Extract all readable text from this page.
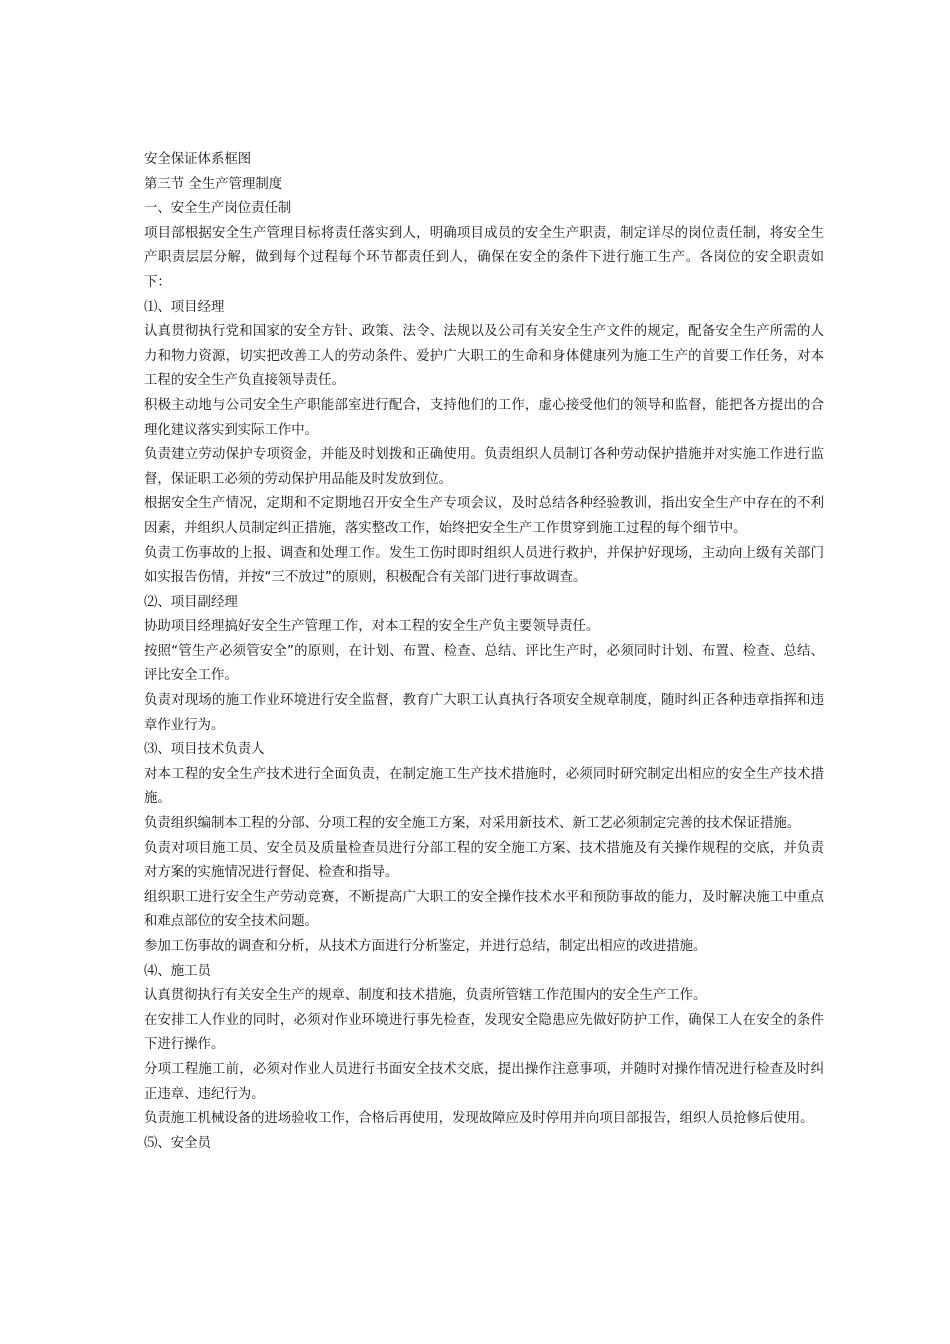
安全保证体系框图

第三节 全生产管理制度

一、安全生产岗位责任制

项目部根据安全生产管理目标将责任落实到人，明确项目成员的安全生产职责，制定详尽的岗位责任制，将安全生产职责层层分解，做到每个过程每个环节都责任到人，确保在安全的条件下进行施工生产。各岗位的安全职责如下：

⑴、项目经理

认真贯彻执行党和国家的安全方针、政策、法令、法规以及公司有关安全生产文件的规定，配备安全生产所需的人力和物力资源，切实把改善工人的劳动条件、爱护广大职工的生命和身体健康列为施工生产的首要工作任务，对本工程的安全生产负直接领导责任。

积极主动地与公司安全生产职能部室进行配合，支持他们的工作，虚心接受他们的领导和监督，能把各方提出的合理化建议落实到实际工作中。

负责建立劳动保护专项资金，并能及时划拨和正确使用。负责组织人员制订各种劳动保护措施并对实施工作进行监督，保证职工必须的劳动保护用品能及时发放到位。

根据安全生产情况，定期和不定期地召开安全生产专项会议，及时总结各种经验教训，指出安全生产中存在的不利因素，并组织人员制定纠正措施，落实整改工作，始终把安全生产工作贯穿到施工过程的每个细节中。

负责工伤事故的上报、调查和处理工作。发生工伤时即时组织人员进行救护，并保护好现场，主动向上级有关部门如实报告伤情，并按“三不放过”的原则，积极配合有关部门进行事故调查。

⑵、项目副经理

协助项目经理搞好安全生产管理工作，对本工程的安全生产负主要领导责任。

按照“管生产必须管安全”的原则，在计划、布置、检查、总结、评比生产时，必须同时计划、布置、检查、总结、评比安全工作。

负责对现场的施工作业环境进行安全监督，教育广大职工认真执行各项安全规章制度，随时纠正各种违章指挥和违章作业行为。

⑶、项目技术负责人

对本工程的安全生产技术进行全面负责，在制定施工生产技术措施时，必须同时研究制定出相应的安全生产技术措施。

负责组织编制本工程的分部、分项工程的安全施工方案，对采用新技术、新工艺必须制定完善的技术保证措施。

负责对项目施工员、安全员及质量检查员进行分部工程的安全施工方案、技术措施及有关操作规程的交底，并负责对方案的实施情况进行督促、检查和指导。

组织职工进行安全生产劳动竞赛，不断提高广大职工的安全操作技术水平和预防事故的能力，及时解决施工中重点和难点部位的安全技术问题。

参加工伤事故的调查和分析，从技术方面进行分析鉴定，并进行总结，制定出相应的改进措施。

⑷、施工员

认真贯彻执行有关安全生产的规章、制度和技术措施，负责所管辖工作范围内的安全生产工作。

在安排工人作业的同时，必须对作业环境进行事先检查，发现安全隐患应先做好防护工作，确保工人在安全的条件下进行操作。

分项工程施工前，必须对作业人员进行书面安全技术交底，提出操作注意事项，并随时对操作情况进行检查及时纠正违章、违纪行为。

负责施工机械设备的进场验收工作，合格后再使用，发现故障应及时停用并向项目部报告，组织人员抢修后使用。

⑸、安全员
